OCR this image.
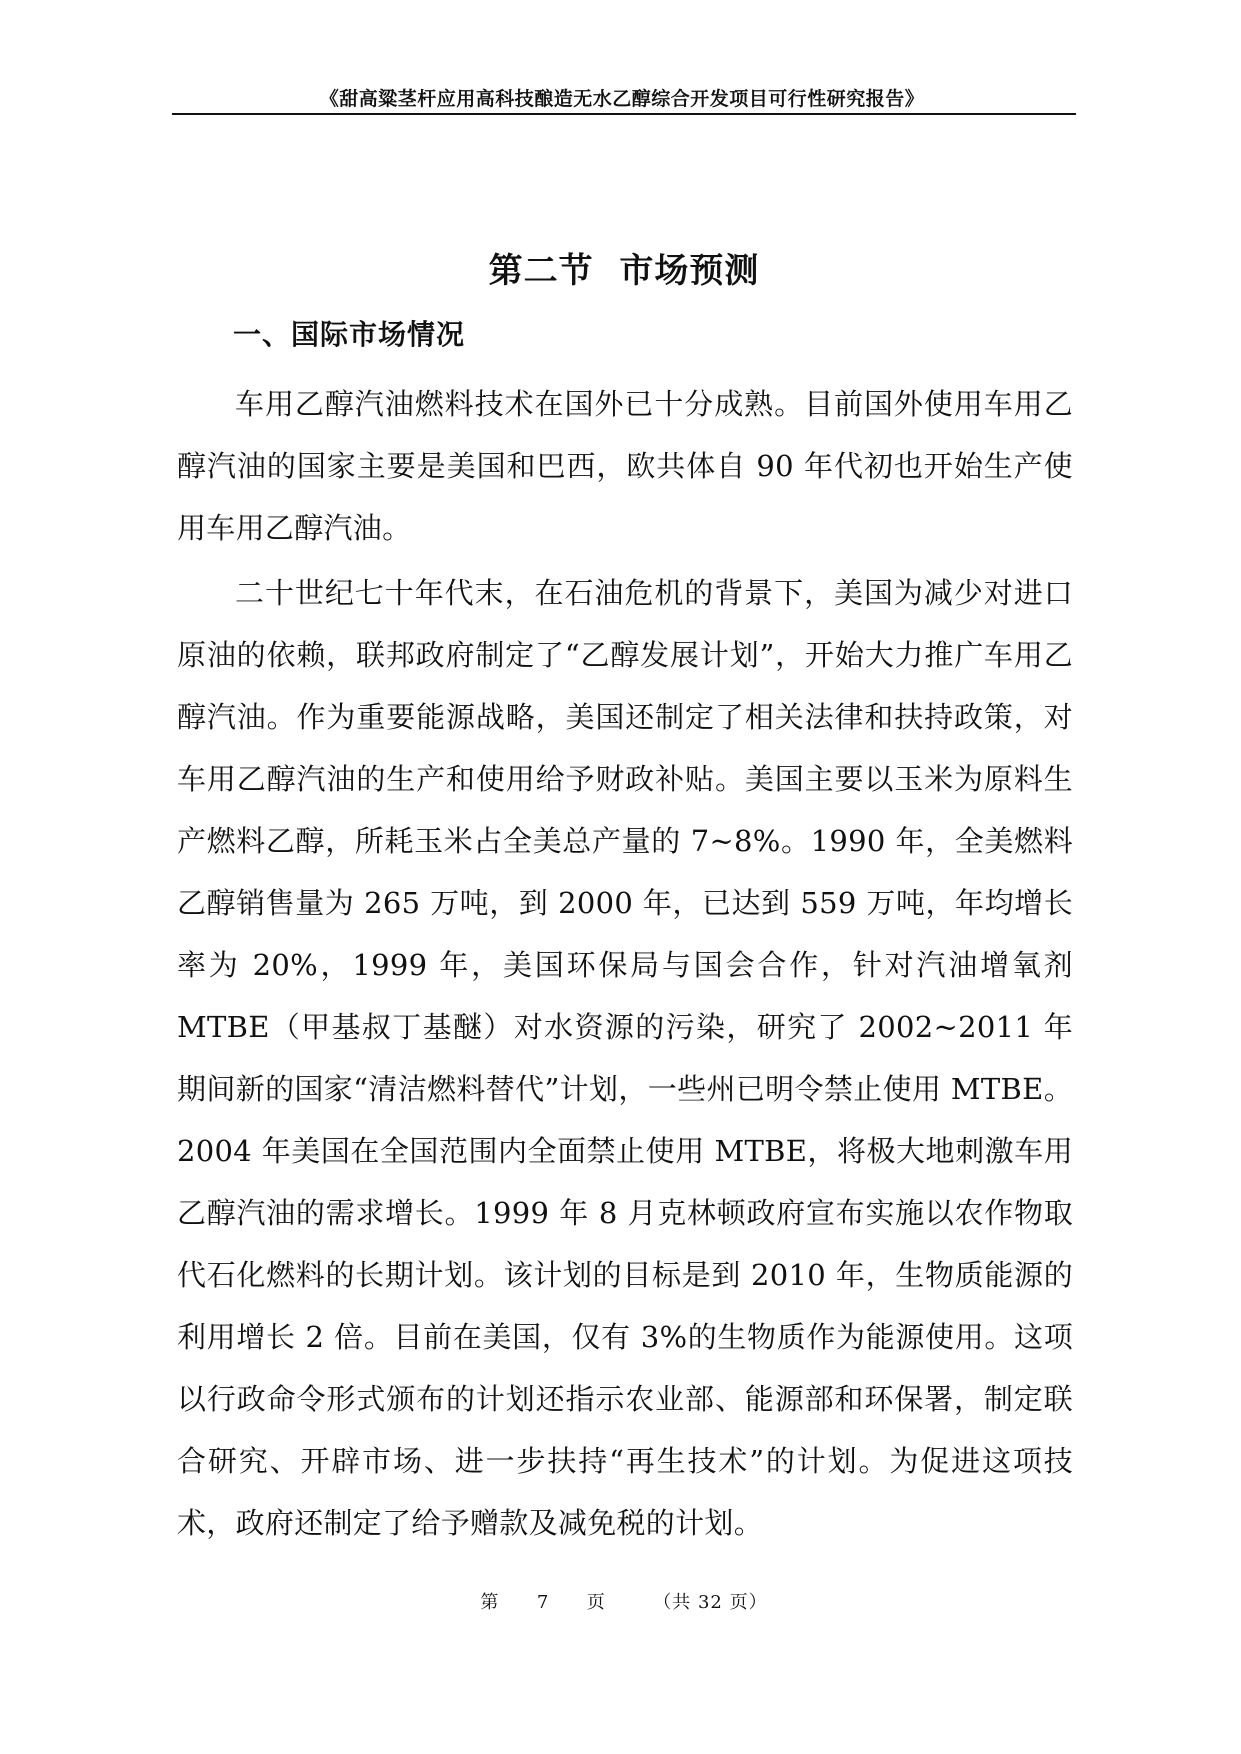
《甜高粱茎杆应用高科技酿造无水乙醇综合开发项目可行性研究报告》
第二节  市场预测
一、国际市场情况

车用乙醇汽油燃料技术在国外已十分成熟。目前国外使用车用乙醇汽油的国家主要是美国和巴西，欧共体自 90 年代初也开始生产使用车用乙醇汽油。

二十世纪七十年代末，在石油危机的背景下，美国为减少对进口原油的依赖，联邦政府制定了“乙醇发展计划”，开始大力推广车用乙醇汽油。作为重要能源战略，美国还制定了相关法律和扶持政策，对车用乙醇汽油的生产和使用给予财政补贴。美国主要以玉米为原料生产燃料乙醇，所耗玉米占全美总产量的 7~8%。1990 年，全美燃料乙醇销售量为 265 万吨，到 2000 年，已达到 559 万吨，年均增长率为 20%，1999 年，美国环保局与国会合作，针对汽油增氧剂 MTBE（甲基叔丁基醚）对水资源的污染，研究了 2002~2011 年期间新的国家“清洁燃料替代”计划，一些州已明令禁止使用 MTBE。2004 年美国在全国范围内全面禁止使用 MTBE，将极大地刺激车用乙醇汽油的需求增长。1999 年 8 月克林顿政府宣布实施以农作物取代石化燃料的长期计划。该计划的目标是到 2010 年，生物质能源的利用增长 2 倍。目前在美国，仅有 3%的生物质作为能源使用。这项以行政命令形式颁布的计划还指示农业部、能源部和环保署，制定联合研究、开辟市场、进一步扶持“再生技术”的计划。为促进这项技术，政府还制定了给予赠款及减免税的计划。

第 7 页	（共 32 页）
